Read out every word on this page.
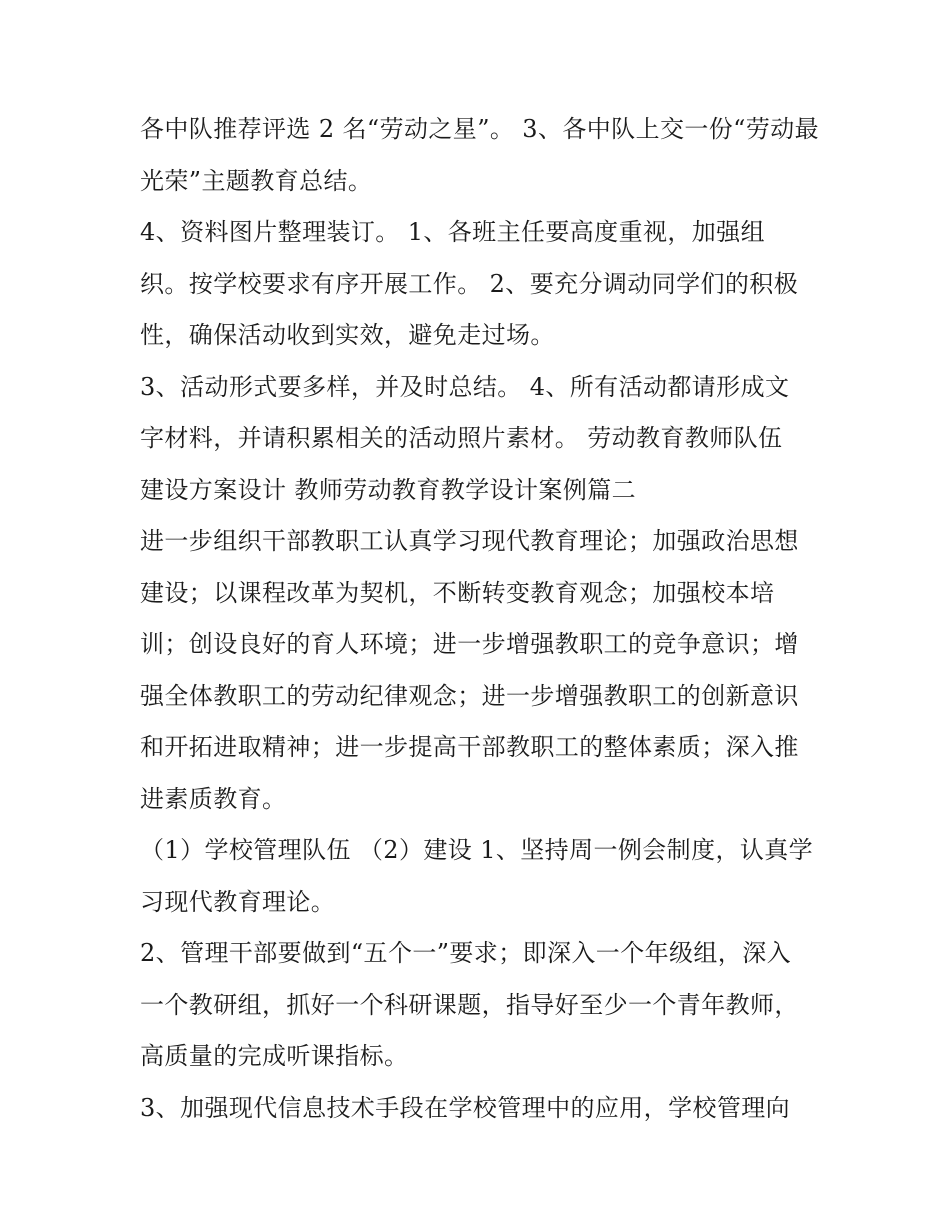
各中队推荐评选 2 名“劳动之星”。 3、各中队上交一份“劳动最
光荣”主题教育总结。
4、资料图片整理装订。 1、各班主任要高度重视，加强组
织。按学校要求有序开展工作。 2、要充分调动同学们的积极
性，确保活动收到实效，避免走过场。
3、活动形式要多样，并及时总结。 4、所有活动都请形成文
字材料，并请积累相关的活动照片素材。 劳动教育教师队伍
建设方案设计 教师劳动教育教学设计案例篇二
进一步组织干部教职工认真学习现代教育理论；加强政治思想
建设；以课程改革为契机，不断转变教育观念；加强校本培
训；创设良好的育人环境；进一步增强教职工的竞争意识；增
强全体教职工的劳动纪律观念；进一步增强教职工的创新意识
和开拓进取精神；进一步提高干部教职工的整体素质；深入推
进素质教育。
（1）学校管理队伍 （2）建设 1、坚持周一例会制度，认真学
习现代教育理论。
2、管理干部要做到“五个一”要求；即深入一个年级组，深入
一个教研组，抓好一个科研课题，指导好至少一个青年教师，
高质量的完成听课指标。
3、加强现代信息技术手段在学校管理中的应用，学校管理向
